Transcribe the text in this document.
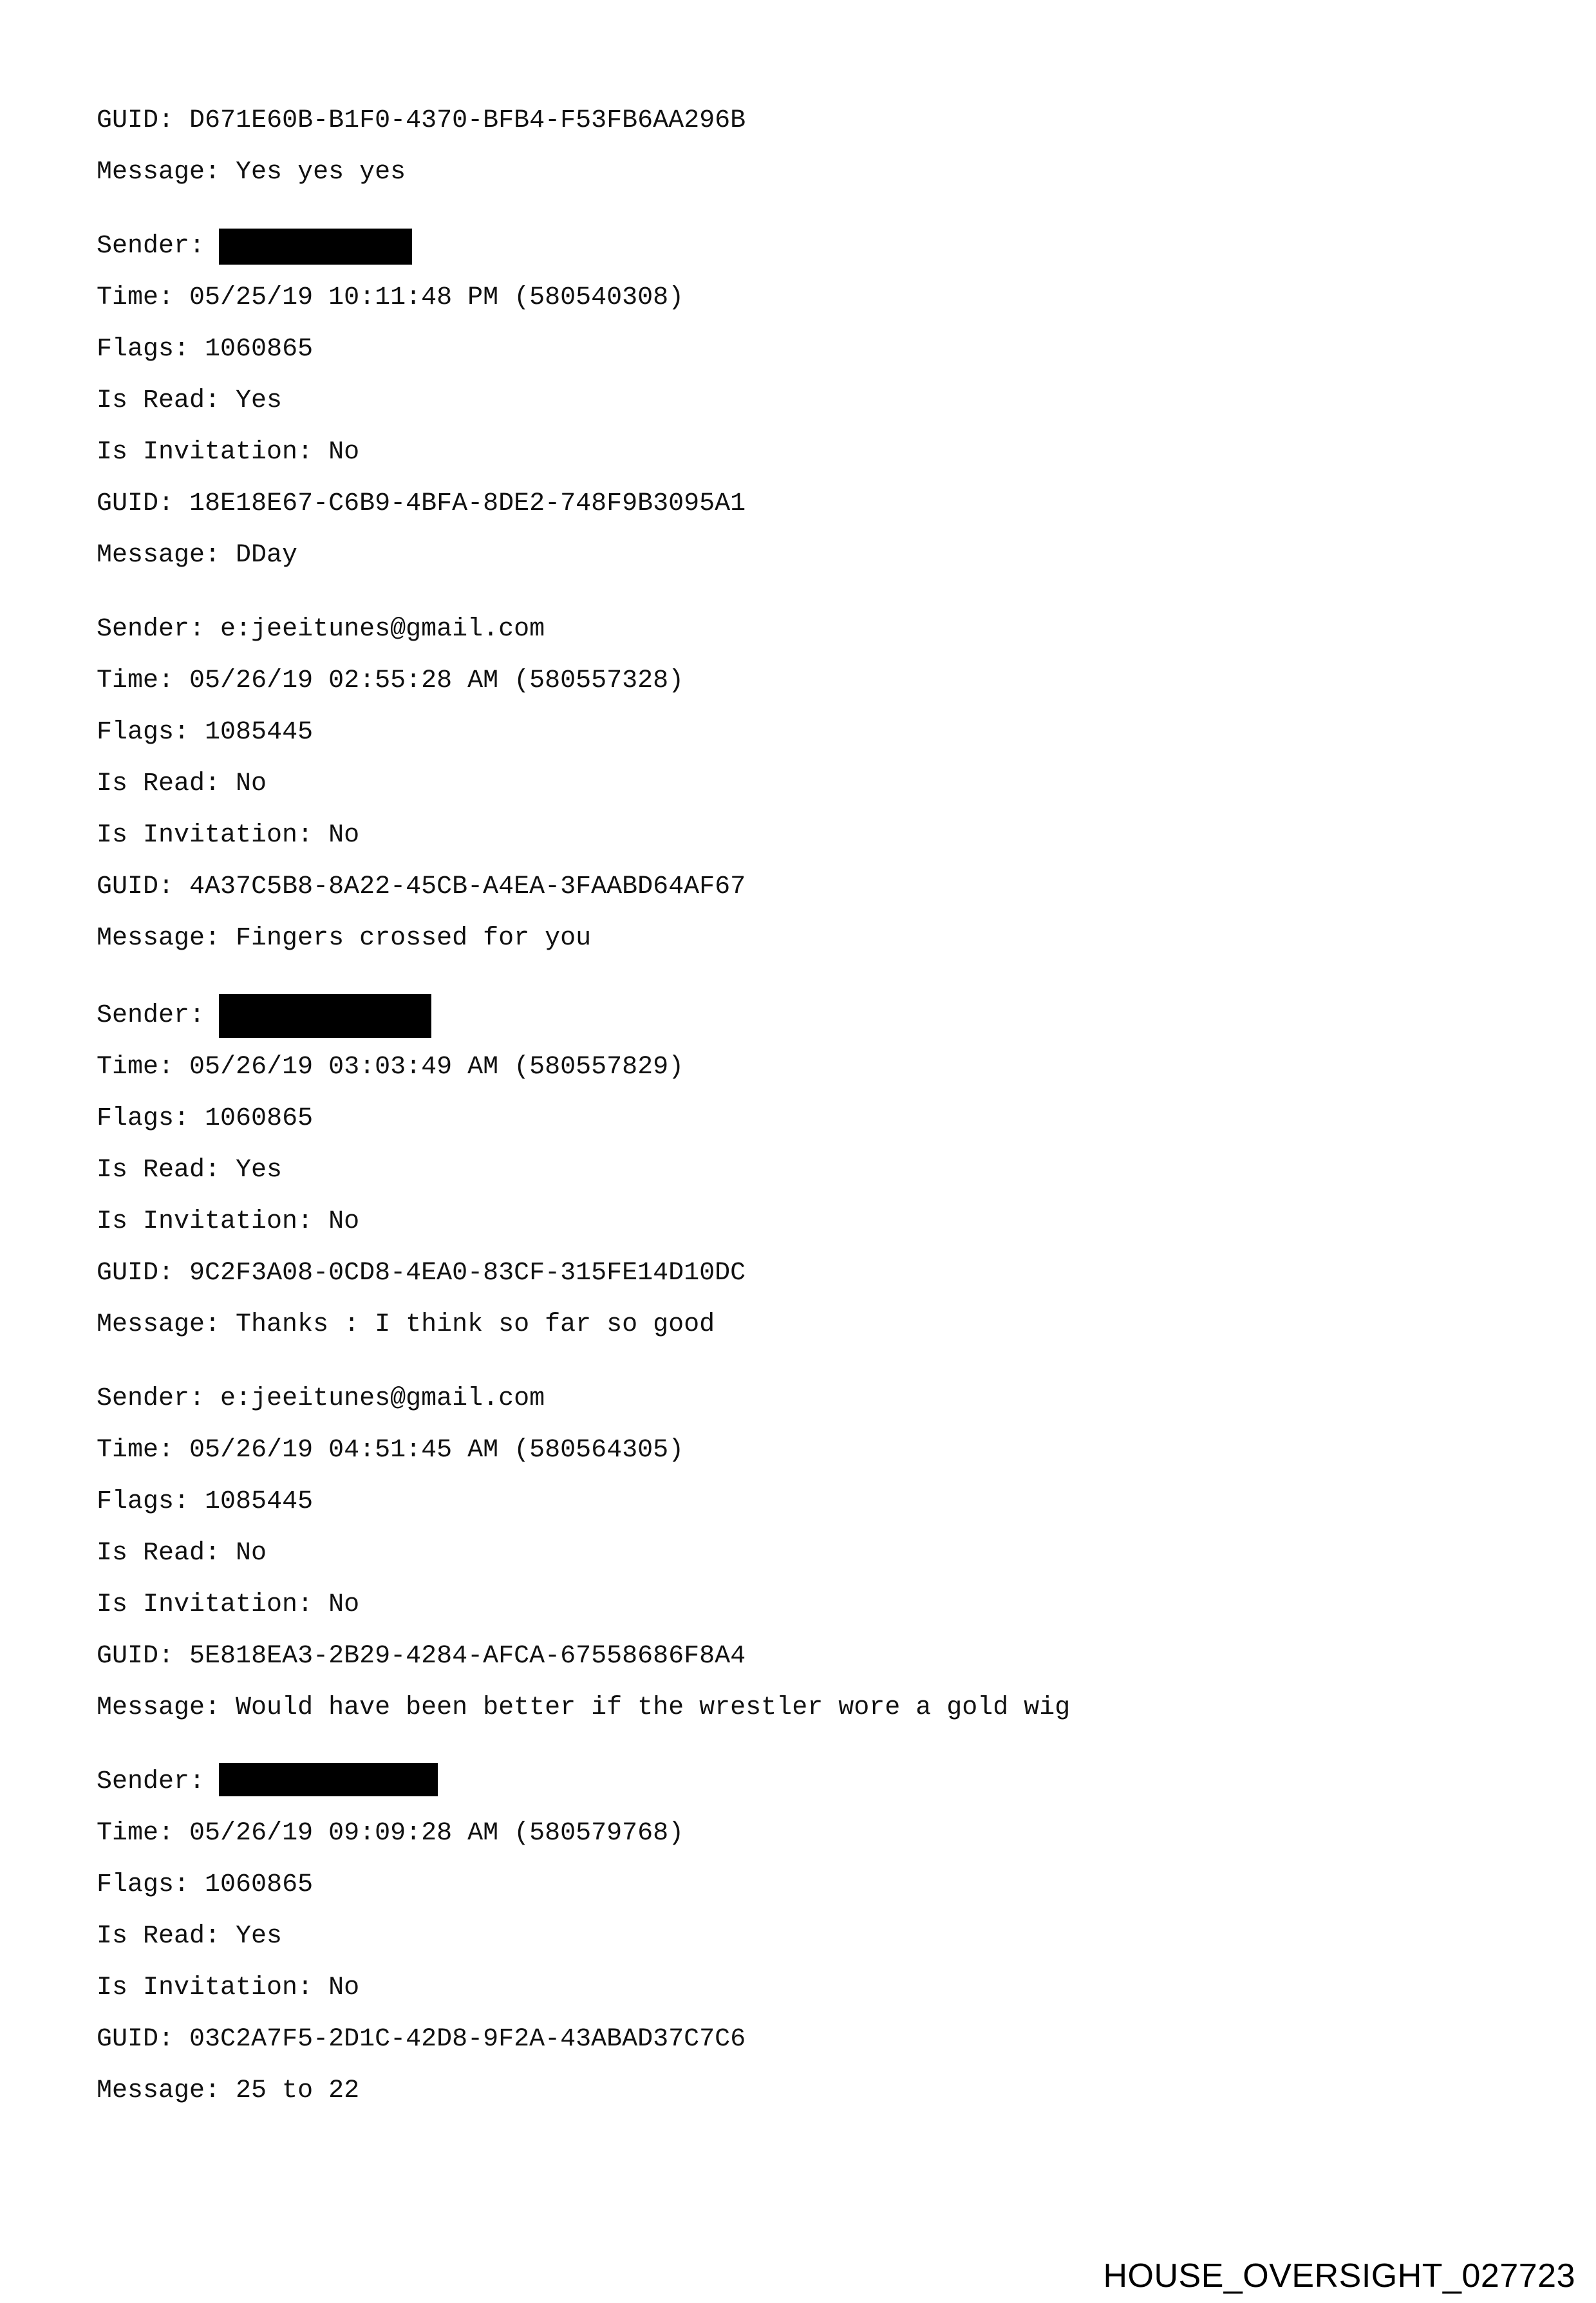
GUID: D671E60B-B1F0-4370-BFB4-F53FB6AA296B
Message: Yes yes yes
Sender:
Time: 05/25/19 10:11:48 PM (580540308)
Flags: 1060865
Is Read: Yes
Is Invitation: No
GUID: 18E18E67-C6B9-4BFA-8DE2-748F9B3095A1
Message: DDay
Sender: e:jeeitunes@gmail.com
Time: 05/26/19 02:55:28 AM (580557328)
Flags: 1085445
Is Read: No
Is Invitation: No
GUID: 4A37C5B8-8A22-45CB-A4EA-3FAABD64AF67
Message: Fingers crossed for you
Sender:
Time: 05/26/19 03:03:49 AM (580557829)
Flags: 1060865
Is Read: Yes
Is Invitation: No
GUID: 9C2F3A08-0CD8-4EA0-83CF-315FE14D10DC
Message: Thanks : I think so far so good
Sender: e:jeeitunes@gmail.com
Time: 05/26/19 04:51:45 AM (580564305)
Flags: 1085445
Is Read: No
Is Invitation: No
GUID: 5E818EA3-2B29-4284-AFCA-67558686F8A4
Message: Would have been better if the wrestler wore a gold wig
Sender:
Time: 05/26/19 09:09:28 AM (580579768)
Flags: 1060865
Is Read: Yes
Is Invitation: No
GUID: 03C2A7F5-2D1C-42D8-9F2A-43ABAD37C7C6
Message: 25 to 22
HOUSE_OVERSIGHT_027723
